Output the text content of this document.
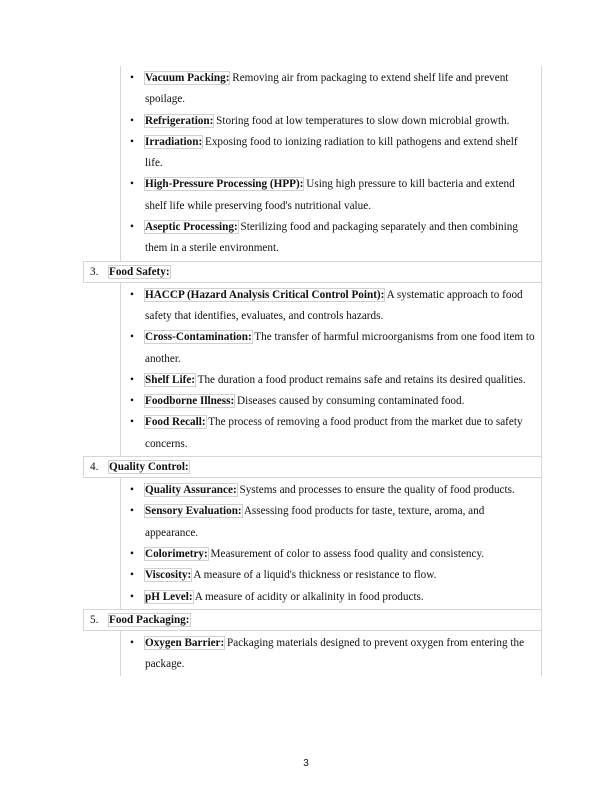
• Vacuum Packing: Removing air from packaging to extend shelf life and prevent spoilage.
• Refrigeration: Storing food at low temperatures to slow down microbial growth.
• Irradiation: Exposing food to ionizing radiation to kill pathogens and extend shelf life.
• High-Pressure Processing (HPP): Using high pressure to kill bacteria and extend shelf life while preserving food's nutritional value.
• Aseptic Processing: Sterilizing food and packaging separately and then combining them in a sterile environment.
3. Food Safety:
• HACCP (Hazard Analysis Critical Control Point): A systematic approach to food safety that identifies, evaluates, and controls hazards.
• Cross-Contamination: The transfer of harmful microorganisms from one food item to another.
• Shelf Life: The duration a food product remains safe and retains its desired qualities.
• Foodborne Illness: Diseases caused by consuming contaminated food.
• Food Recall: The process of removing a food product from the market due to safety concerns.
4. Quality Control:
• Quality Assurance: Systems and processes to ensure the quality of food products.
• Sensory Evaluation: Assessing food products for taste, texture, aroma, and appearance.
• Colorimetry: Measurement of color to assess food quality and consistency.
• Viscosity: A measure of a liquid's thickness or resistance to flow.
• pH Level: A measure of acidity or alkalinity in food products.
5. Food Packaging:
• Oxygen Barrier: Packaging materials designed to prevent oxygen from entering the package.
3
